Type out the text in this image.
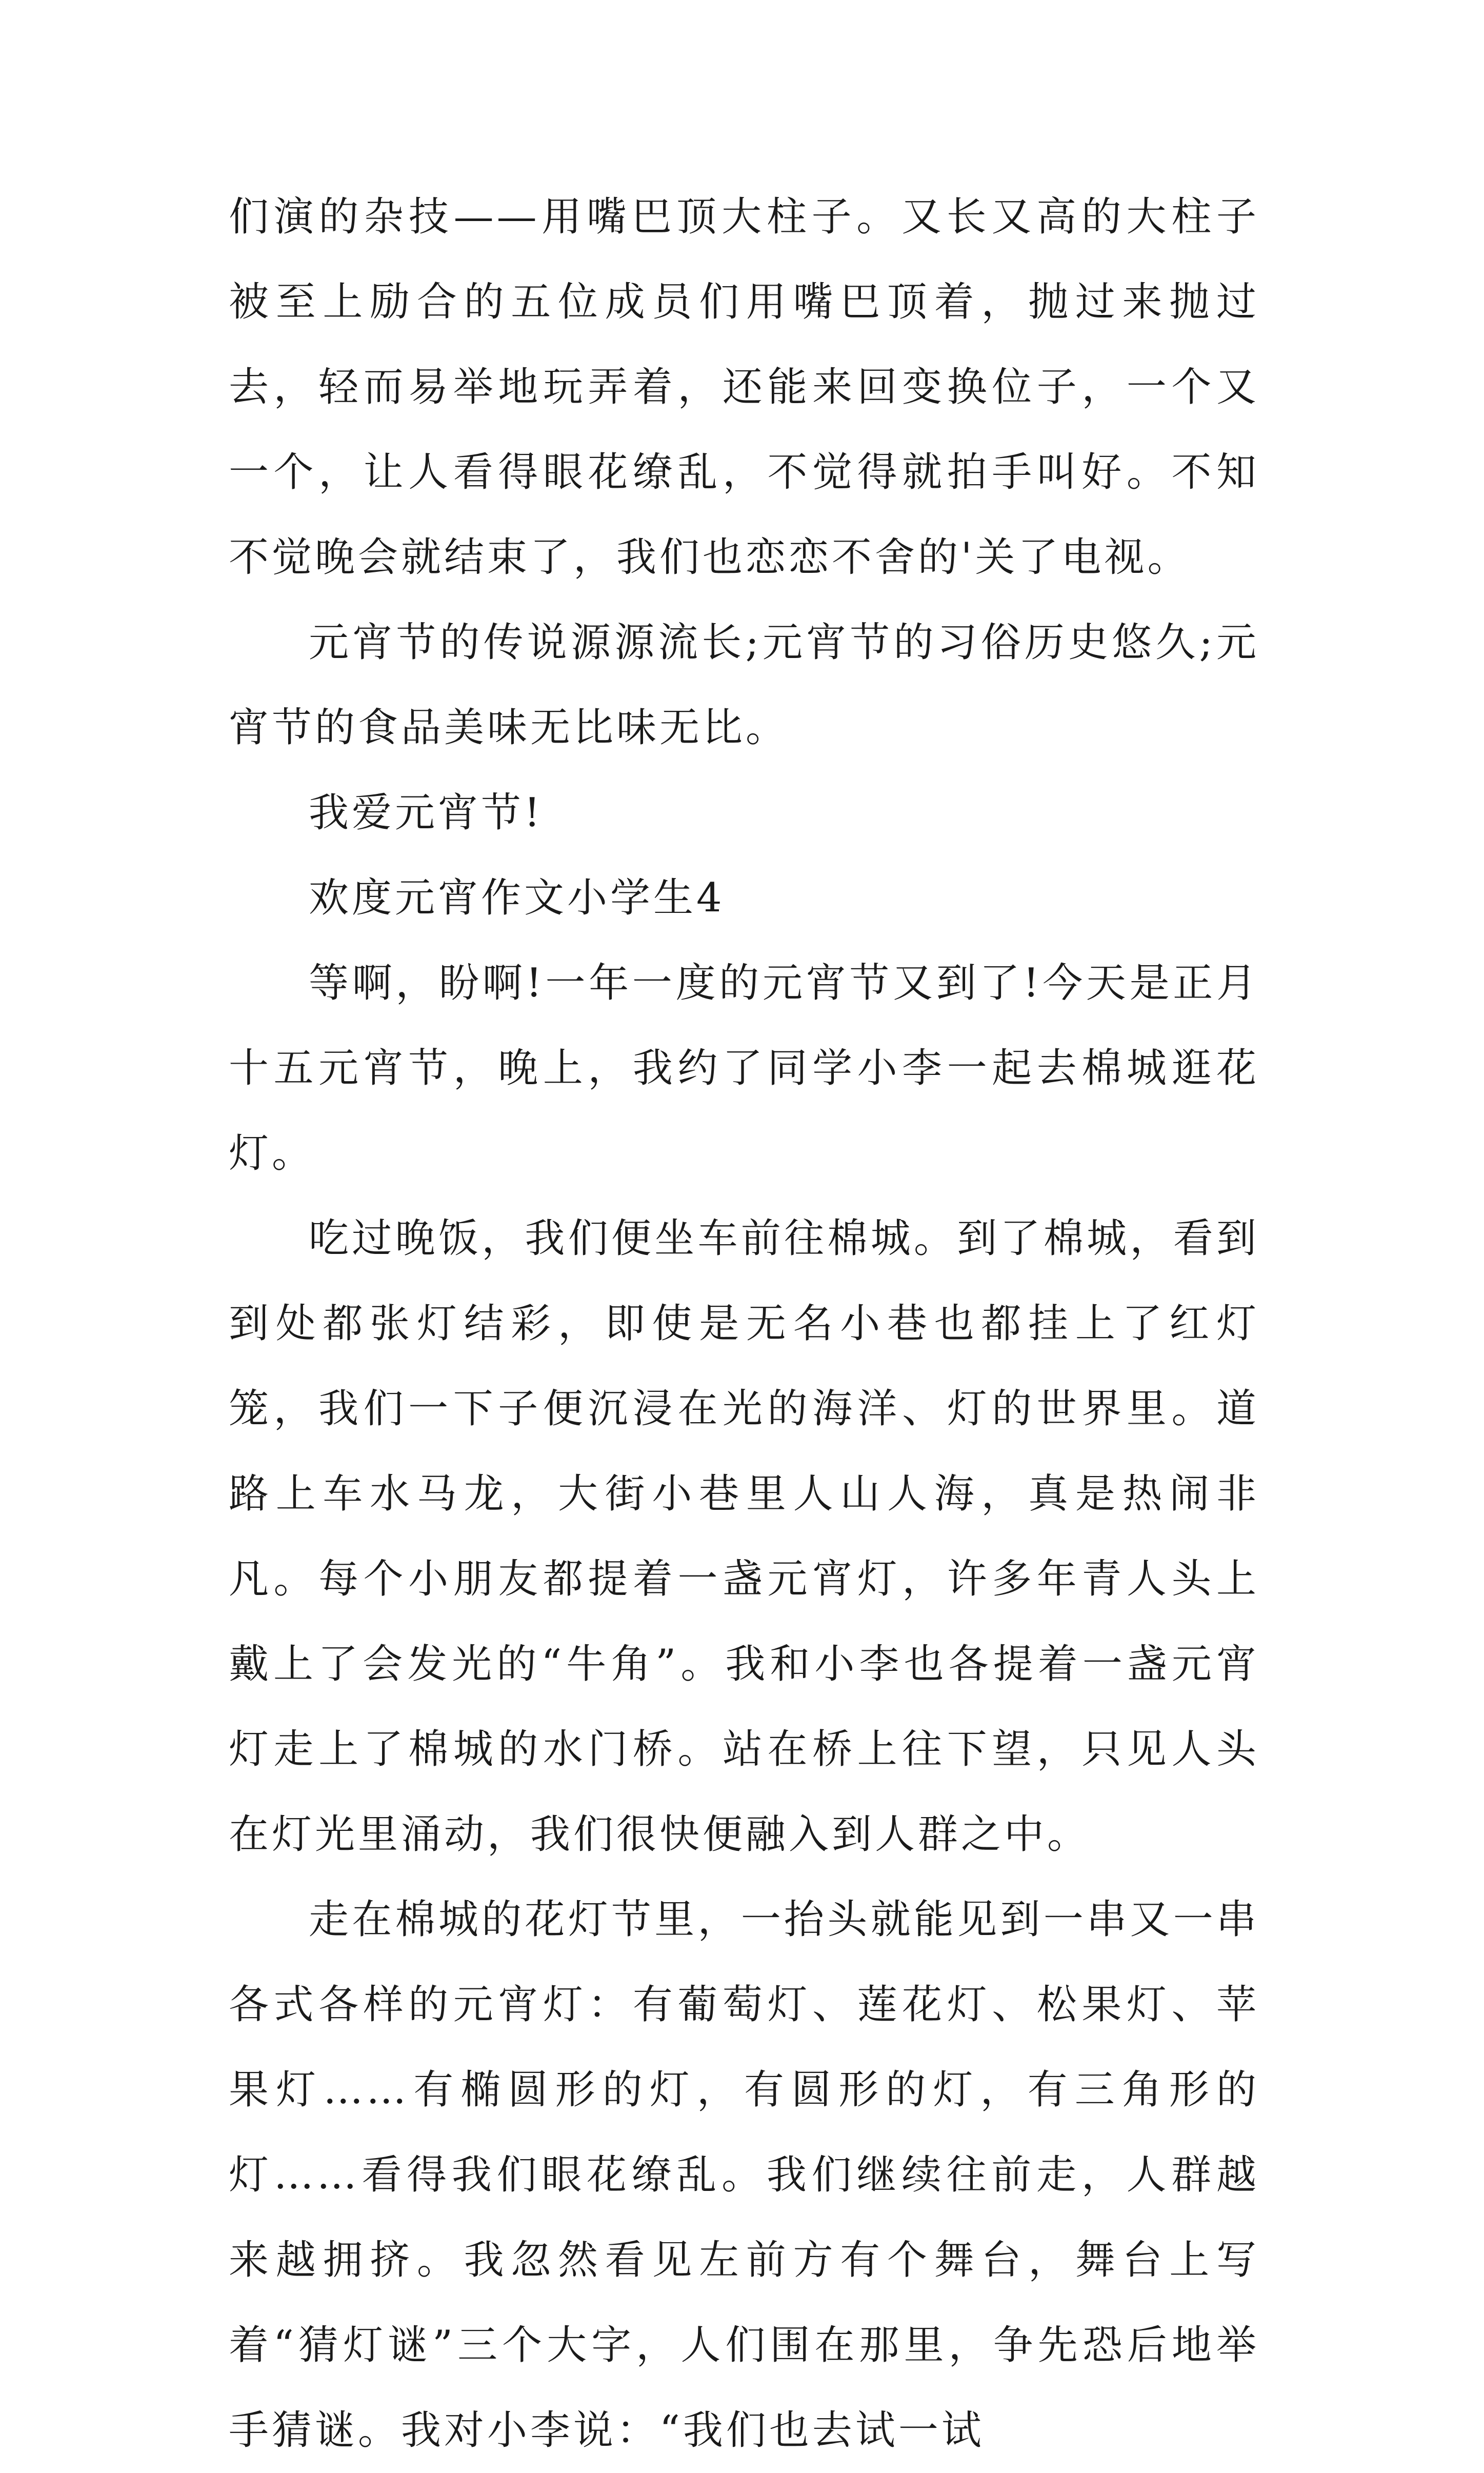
们演的杂技——用嘴巴顶大柱子。又长又高的大柱子被至上励合的五位成员们用嘴巴顶着，抛过来抛过去，轻而易举地玩弄着，还能来回变换位子，一个又一个，让人看得眼花缭乱，不觉得就拍手叫好。不知不觉晚会就结束了，我们也恋恋不舍的'关了电视。

元宵节的传说源源流长;元宵节的习俗历史悠久;元宵节的食品美味无比味无比。

我爱元宵节!

欢度元宵作文小学生4

等啊，盼啊!一年一度的元宵节又到了!今天是正月十五元宵节，晚上，我约了同学小李一起去棉城逛花灯。

吃过晚饭，我们便坐车前往棉城。到了棉城，看到到处都张灯结彩，即使是无名小巷也都挂上了红灯笼，我们一下子便沉浸在光的海洋、灯的世界里。道路上车水马龙，大街小巷里人山人海，真是热闹非凡。每个小朋友都提着一盏元宵灯，许多年青人头上戴上了会发光的“牛角”。我和小李也各提着一盏元宵灯走上了棉城的水门桥。站在桥上往下望，只见人头在灯光里涌动，我们很快便融入到人群之中。

走在棉城的花灯节里，一抬头就能见到一串又一串各式各样的元宵灯：有葡萄灯、莲花灯、松果灯、苹果灯……有椭圆形的灯，有圆形的灯，有三角形的灯……看得我们眼花缭乱。我们继续往前走，人群越来越拥挤。我忽然看见左前方有个舞台，舞台上写着“猜灯谜”三个大字，人们围在那里，争先恐后地举手猜谜。我对小李说：“我们也去试一试
